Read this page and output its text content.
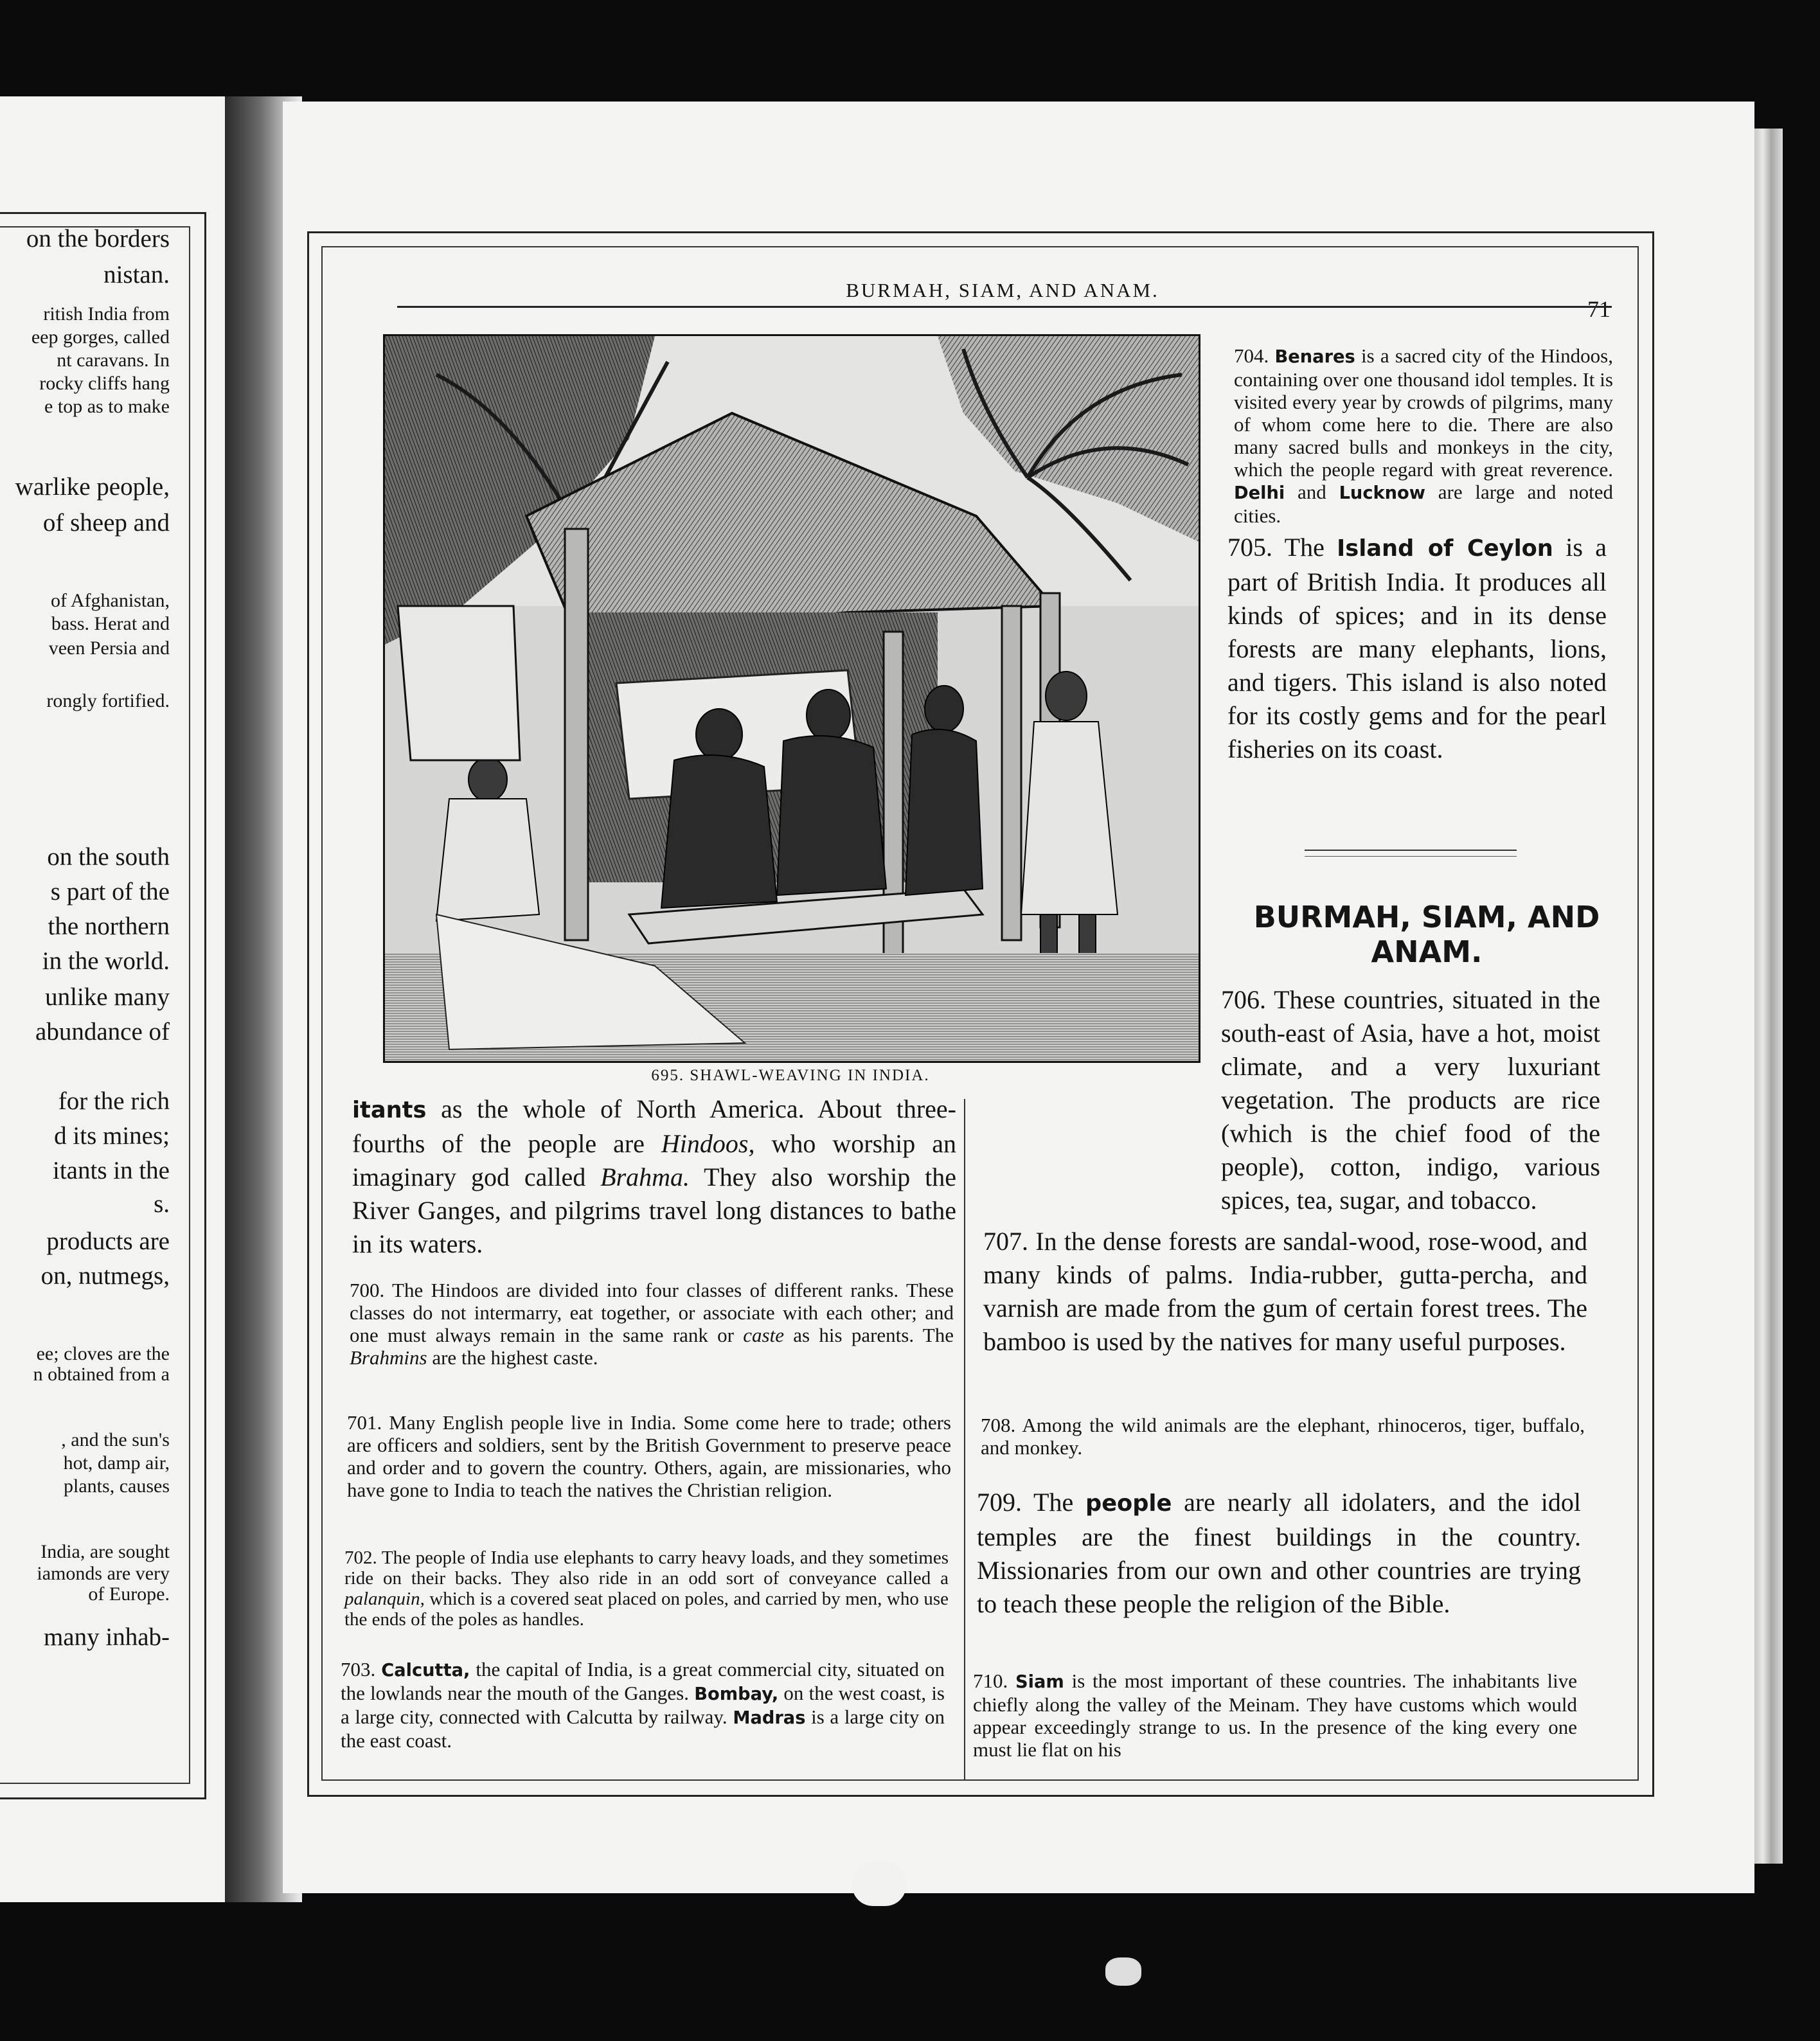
on the borders
nistan.
ritish India from
eep gorges, called
nt caravans. In
rocky cliffs hang
e top as to make
warlike people,
of sheep and
of Afghanistan,
bass. Herat and
veen Persia and
rongly fortified.
on the south
s part of the
the northern
in the world.
unlike many
abundance of
for the rich
d its mines;
itants in the
s.
products are
on, nutmegs,
ee; cloves are the
n obtained from a
, and the sun's
hot, damp air,
plants, causes
India, are sought
iamonds are very
of Europe.
many inhab-
BURMAH, SIAM, AND ANAM.
71
695. SHAWL-WEAVING IN INDIA.
704. Benares is a sacred city of the Hindoos, containing over one thousand idol temples. It is visited every year by crowds of pilgrims, many of whom come here to die. There are also many sacred bulls and monkeys in the city, which the people regard with great reverence. Delhi and Lucknow are large and noted cities.
705. The Island of Ceylon is a part of British India. It produces all kinds of spices; and in its dense forests are many elephants, lions, and tigers. This island is also noted for its costly gems and for the pearl fisheries on its coast.
BURMAH, SIAM, AND ANAM.
706. These countries, situated in the south-east of Asia, have a hot, moist climate, and a very luxuriant vegetation. The products are rice (which is the chief food of the people), cotton, indigo, various spices, tea, sugar, and tobacco.
itants as the whole of North America. About three-fourths of the people are Hindoos, who worship an imaginary god called Brahma. They also worship the River Ganges, and pilgrims travel long distances to bathe in its waters.
700. The Hindoos are divided into four classes of different ranks. These classes do not intermarry, eat together, or associate with each other; and one must always remain in the same rank or caste as his parents. The Brahmins are the highest caste.
701. Many English people live in India. Some come here to trade; others are officers and soldiers, sent by the British Government to preserve peace and order and to govern the country. Others, again, are missionaries, who have gone to India to teach the natives the Christian religion.
702. The people of India use elephants to carry heavy loads, and they sometimes ride on their backs. They also ride in an odd sort of conveyance called a palanquin, which is a covered seat placed on poles, and carried by men, who use the ends of the poles as handles.
703. Calcutta, the capital of India, is a great commercial city, situated on the lowlands near the mouth of the Ganges. Bombay, on the west coast, is a large city, connected with Calcutta by railway. Madras is a large city on the east coast.
707. In the dense forests are sandal-wood, rose-wood, and many kinds of palms. India-rubber, gutta-percha, and varnish are made from the gum of certain forest trees. The bamboo is used by the natives for many useful purposes.
708. Among the wild animals are the elephant, rhinoceros, tiger, buffalo, and monkey.
709. The people are nearly all idolaters, and the idol temples are the finest buildings in the country. Missionaries from our own and other countries are trying to teach these people the religion of the Bible.
710. Siam is the most important of these countries. The inhabitants live chiefly along the valley of the Meinam. They have customs which would appear exceedingly strange to us. In the presence of the king every one must lie flat on his
